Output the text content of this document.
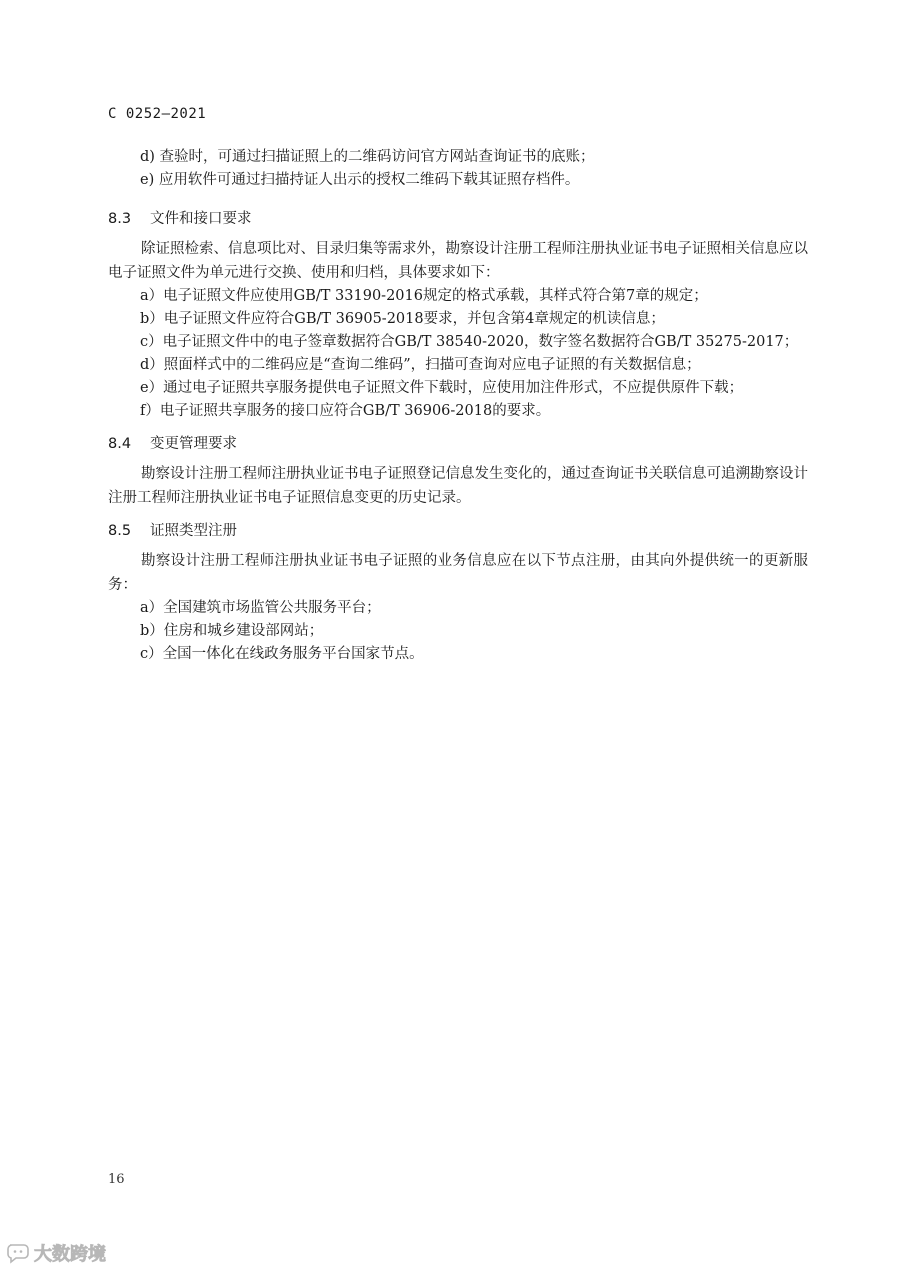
C 0252—2021
d) 查验时，可通过扫描证照上的二维码访问官方网站查询证书的底账；
e) 应用软件可通过扫描持证人出示的授权二维码下载其证照存档件。
8.3 文件和接口要求

除证照检索、信息项比对、目录归集等需求外，勘察设计注册工程师注册执业证书电子证照相关信息应以电子证照文件为单元进行交换、使用和归档，具体要求如下：

a）电子证照文件应使用GB/T 33190-2016规定的格式承载，其样式符合第7章的规定；
b）电子证照文件应符合GB/T 36905-2018要求，并包含第4章规定的机读信息；
c）电子证照文件中的电子签章数据符合GB/T 38540-2020，数字签名数据符合GB/T 35275-2017；
d）照面样式中的二维码应是“查询二维码”，扫描可查询对应电子证照的有关数据信息；
e）通过电子证照共享服务提供电子证照文件下载时，应使用加注件形式，不应提供原件下载；
f）电子证照共享服务的接口应符合GB/T 36906-2018的要求。
8.4 变更管理要求

勘察设计注册工程师注册执业证书电子证照登记信息发生变化的，通过查询证书关联信息可追溯勘察设计注册工程师注册执业证书电子证照信息变更的历史记录。

8.5 证照类型注册

勘察设计注册工程师注册执业证书电子证照的业务信息应在以下节点注册，由其向外提供统一的更新服务：

a）全国建筑市场监管公共服务平台；
b）住房和城乡建设部网站；
c）全国一体化在线政务服务平台国家节点。
16
大数跨境
